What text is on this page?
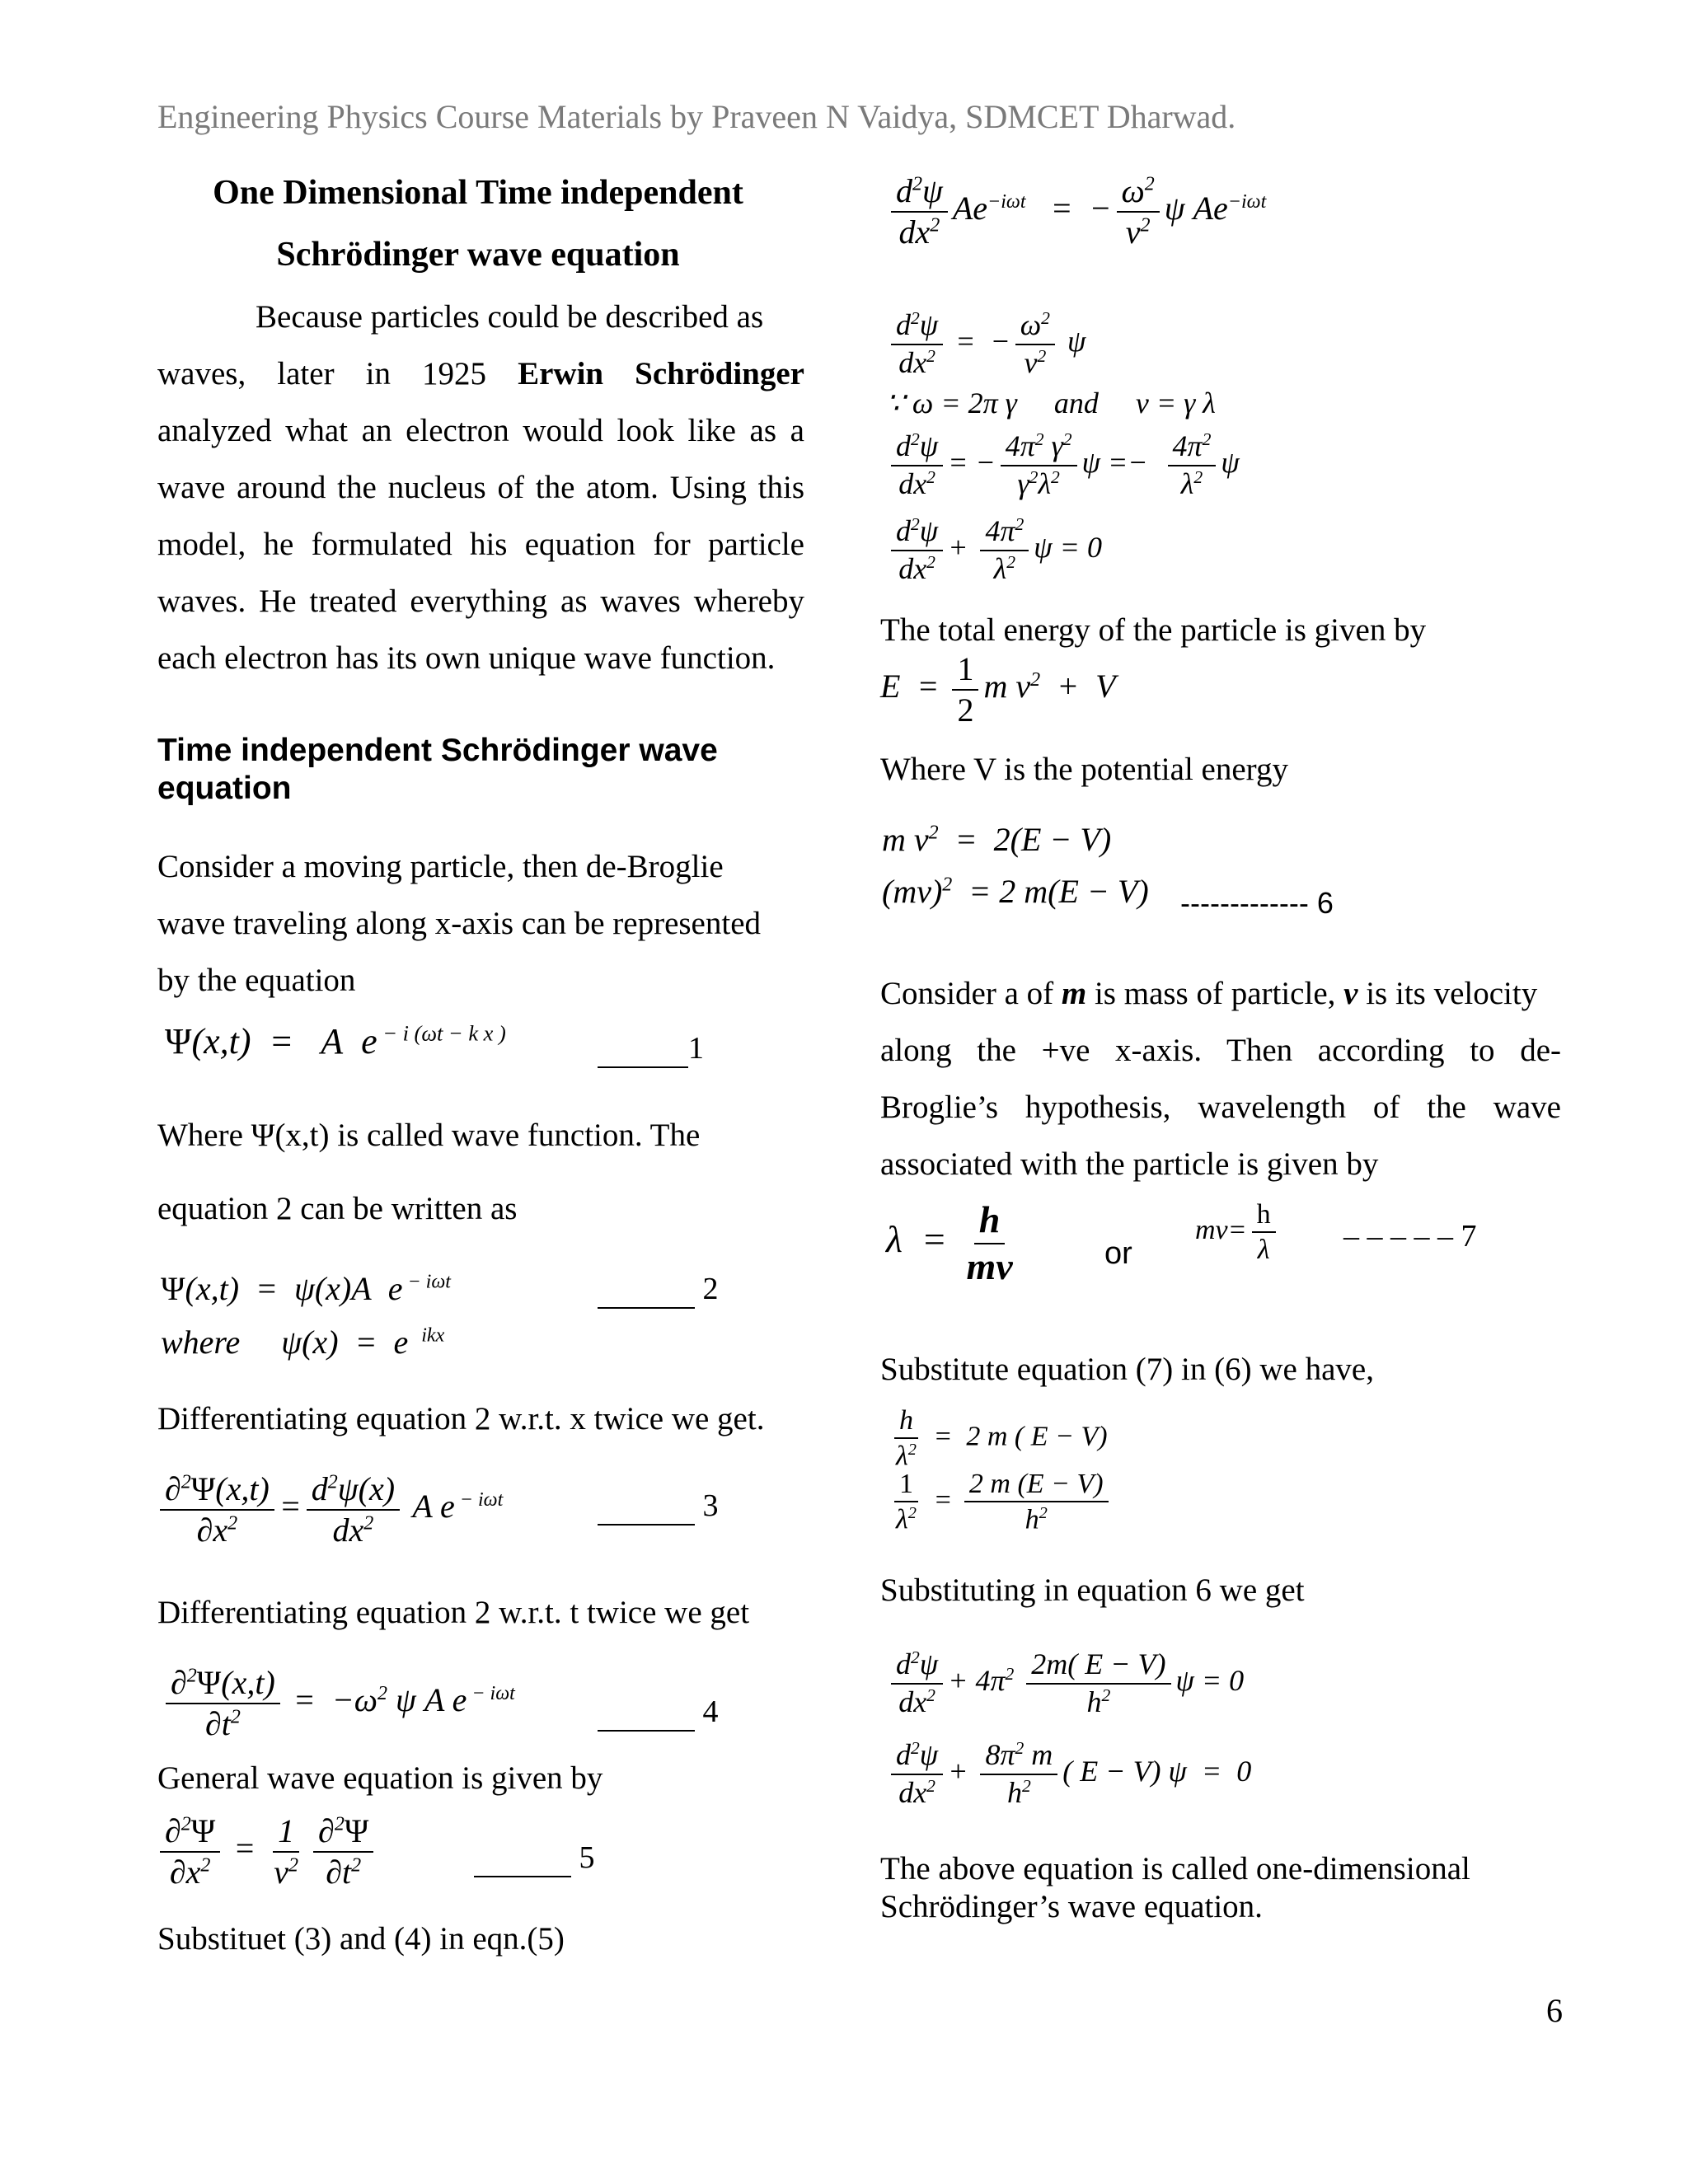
Engineering Physics Course Materials by Praveen N Vaidya, SDMCET Dharwad.
One Dimensional Time independent
Schrödinger wave equation
Because particles could be described as
waves, later in 1925 Erwin Schrödinger
analyzed what an electron would look like as a
wave around the nucleus of the atom. Using this
model, he formulated his equation for particle
waves. He treated everything as waves whereby
each electron has its own unique wave function.
Time independent Schrödinger wave equation
Consider a moving particle, then de-Broglie
wave traveling along x-axis can be represented
by the equation
Ψ(x,t)  =   A  e $^{- i (\omega t - k x )}$	1
Where Ψ(x,t) is called wave function. The
equation 2 can be written as
Ψ(x,t)  =  ψ(x)A  e $^{- i\omega t}$	2
where     ψ(x)  =  e  $^{ikx}$
Differentiating equation 2 w.r.t. x twice we get.
$\frac{\partial^2\Psi(x,t)}{\partial x^2} = \frac{d^2\psi(x)}{dx^2}$ A e $^{- i\omega t}$	3
Differentiating equation 2 w.r.t. t twice we get
$\frac{\partial^2\Psi(x,t)}{\partial t^2} = -\omega^2$ ψ A e $^{- i\omega t}$
4
General wave equation is given by
$\frac{\partial^2\Psi}{\partial x^2} = \frac{1}{v^2} \frac{\partial^2\Psi}{\partial t^2}$	5
Substituet (3) and (4) in eqn.(5)
$\frac{d^2\psi}{dx^2} Ae^{-i\omega t}$   =  − $\frac{\omega^2}{v^2}$ ψ $Ae^{-i\omega t}$
$\frac{d^2\psi}{dx^2}$ =  − $\frac{\omega^2}{v^2}$ ψ
∵ ω = 2π γ     and     v = γ λ
$\frac{d^2\psi}{dx^2}$ = − $\frac{4\pi^2 \gamma^2}{\gamma^2\lambda^2}$ $\psi =- \frac{4\pi^2}{\lambda^2}$ ψ
$\frac{d^2\psi}{dx^2} + \frac{4\pi^2}{\lambda^2}$ ψ = 0
The total energy of the particle is given by
$E = \frac{1}{2}$ m $v^2 + V$
Where V is the potential energy
m $v^2 = 2(E - V)$
(mv)$^2$  = 2 m(E − V) ------------- 6
Consider a of m is mass of particle, v is its velocity
along the +ve x-axis. Then according to de-
Broglie’s hypothesis, wavelength of the wave
associated with the particle is given by
$\lambda = \frac{h}{mv}$	or
$mv= \frac{h}{\lambda}$ – – – – – 7
Substitute equation (7) in (6) we have,
$\frac{h}{\lambda^2} = 2$ m ( E − V)
$\frac{1}{\lambda^2} = \frac{2 m (E - V)}{h^2}$
Substituting in equation 6 we get
$\frac{d^2\psi}{dx^2} + 4\pi^2 \frac{2m( E - V)}{h^2}$ ψ = 0
$\frac{d^2\psi}{dx^2} + \frac{8\pi^2 m}{h^2}$ ( E − V) ψ  =  0
The above equation is called one-dimensional
Schrödinger’s wave equation.
6
